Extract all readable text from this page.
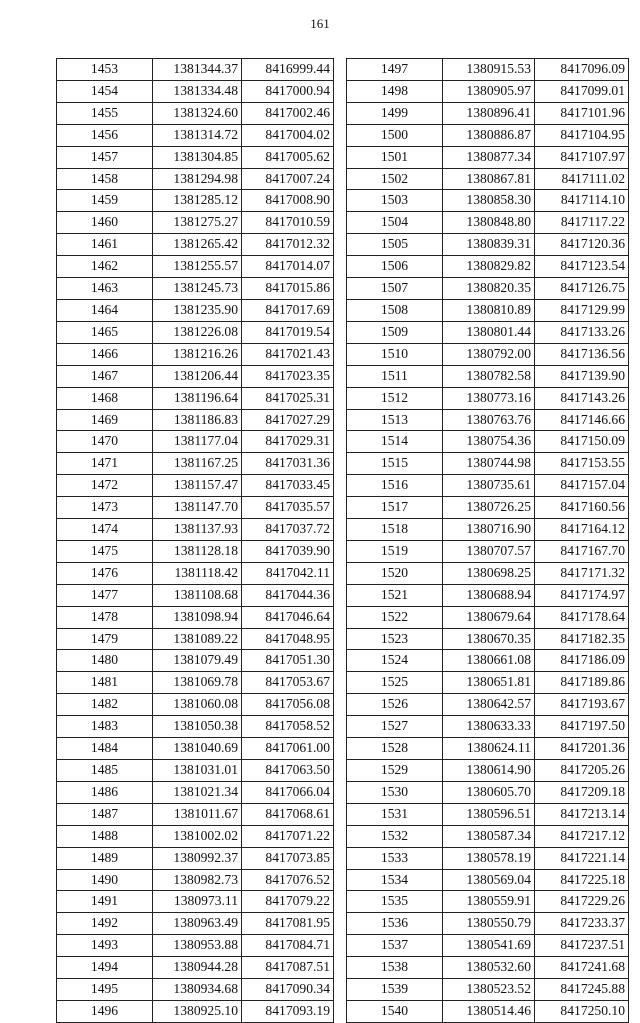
161
1453	1381344.37	8416999.44
1454	1381334.48	8417000.94
1455	1381324.60	8417002.46
1456	1381314.72	8417004.02
1457	1381304.85	8417005.62
1458	1381294.98	8417007.24
1459	1381285.12	8417008.90
1460	1381275.27	8417010.59
1461	1381265.42	8417012.32
1462	1381255.57	8417014.07
1463	1381245.73	8417015.86
1464	1381235.90	8417017.69
1465	1381226.08	8417019.54
1466	1381216.26	8417021.43
1467	1381206.44	8417023.35
1468	1381196.64	8417025.31
1469	1381186.83	8417027.29
1470	1381177.04	8417029.31
1471	1381167.25	8417031.36
1472	1381157.47	8417033.45
1473	1381147.70	8417035.57
1474	1381137.93	8417037.72
1475	1381128.18	8417039.90
1476	1381118.42	8417042.11
1477	1381108.68	8417044.36
1478	1381098.94	8417046.64
1479	1381089.22	8417048.95
1480	1381079.49	8417051.30
1481	1381069.78	8417053.67
1482	1381060.08	8417056.08
1483	1381050.38	8417058.52
1484	1381040.69	8417061.00
1485	1381031.01	8417063.50
1486	1381021.34	8417066.04
1487	1381011.67	8417068.61
1488	1381002.02	8417071.22
1489	1380992.37	8417073.85
1490	1380982.73	8417076.52
1491	1380973.11	8417079.22
1492	1380963.49	8417081.95
1493	1380953.88	8417084.71
1494	1380944.28	8417087.51
1495	1380934.68	8417090.34
1496	1380925.10	8417093.19
1497	1380915.53	8417096.09
1498	1380905.97	8417099.01
1499	1380896.41	8417101.96
1500	1380886.87	8417104.95
1501	1380877.34	8417107.97
1502	1380867.81	8417111.02
1503	1380858.30	8417114.10
1504	1380848.80	8417117.22
1505	1380839.31	8417120.36
1506	1380829.82	8417123.54
1507	1380820.35	8417126.75
1508	1380810.89	8417129.99
1509	1380801.44	8417133.26
1510	1380792.00	8417136.56
1511	1380782.58	8417139.90
1512	1380773.16	8417143.26
1513	1380763.76	8417146.66
1514	1380754.36	8417150.09
1515	1380744.98	8417153.55
1516	1380735.61	8417157.04
1517	1380726.25	8417160.56
1518	1380716.90	8417164.12
1519	1380707.57	8417167.70
1520	1380698.25	8417171.32
1521	1380688.94	8417174.97
1522	1380679.64	8417178.64
1523	1380670.35	8417182.35
1524	1380661.08	8417186.09
1525	1380651.81	8417189.86
1526	1380642.57	8417193.67
1527	1380633.33	8417197.50
1528	1380624.11	8417201.36
1529	1380614.90	8417205.26
1530	1380605.70	8417209.18
1531	1380596.51	8417213.14
1532	1380587.34	8417217.12
1533	1380578.19	8417221.14
1534	1380569.04	8417225.18
1535	1380559.91	8417229.26
1536	1380550.79	8417233.37
1537	1380541.69	8417237.51
1538	1380532.60	8417241.68
1539	1380523.52	8417245.88
1540	1380514.46	8417250.10
